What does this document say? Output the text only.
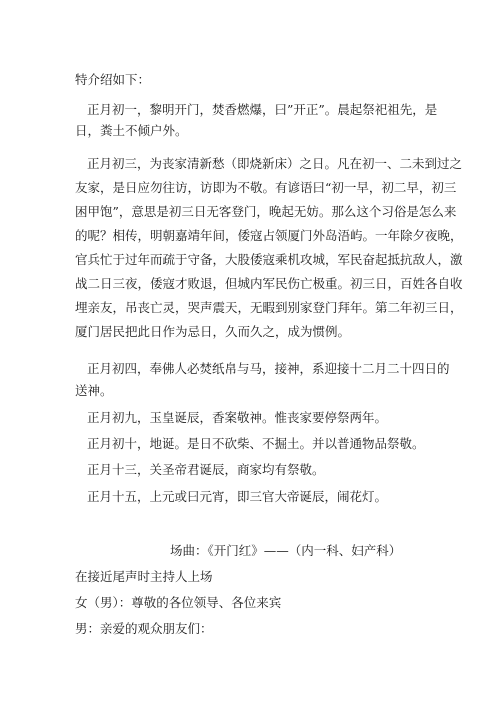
特介绍如下：
正月初一，黎明开门，焚香燃爆，曰”开正”。晨起祭祀祖先，是
日，粪土不倾户外。
正月初三，为丧家清新愁（即烧新床）之日。凡在初一、二未到过之
友家，是日应勿往访，访即为不敬。有谚语曰“初一早，初二早，初三
困甲饱”，意思是初三日无客登门，晚起无妨。那么这个习俗是怎么来
的呢？相传，明朝嘉靖年间，倭寇占领厦门外岛浯屿。一年除夕夜晚，
官兵忙于过年而疏于守备，大股倭寇乘机攻城，军民奋起抵抗敌人，激
战二日三夜，倭寇才败退，但城内军民伤亡极重。初三日，百姓各自收
埋亲友，吊丧亡灵，哭声震天，无暇到别家登门拜年。第二年初三日，
厦门居民把此日作为忌日，久而久之，成为惯例。
正月初四，奉佛人必焚纸帛与马，接神，系迎接十二月二十四日的
送神。
正月初九，玉皇诞辰，香案敬神。惟丧家要停祭两年。
正月初十，地诞。是日不砍柴、不掘土。并以普通物品祭敬。
正月十三，关圣帝君诞辰，商家均有祭敬。
正月十五，上元或曰元宵，即三官大帝诞辰，闹花灯。
场曲：《开门红》——（内一科、妇产科）
在接近尾声时主持人上场
女（男）：尊敬的各位领导、各位来宾
男：亲爱的观众朋友们：
